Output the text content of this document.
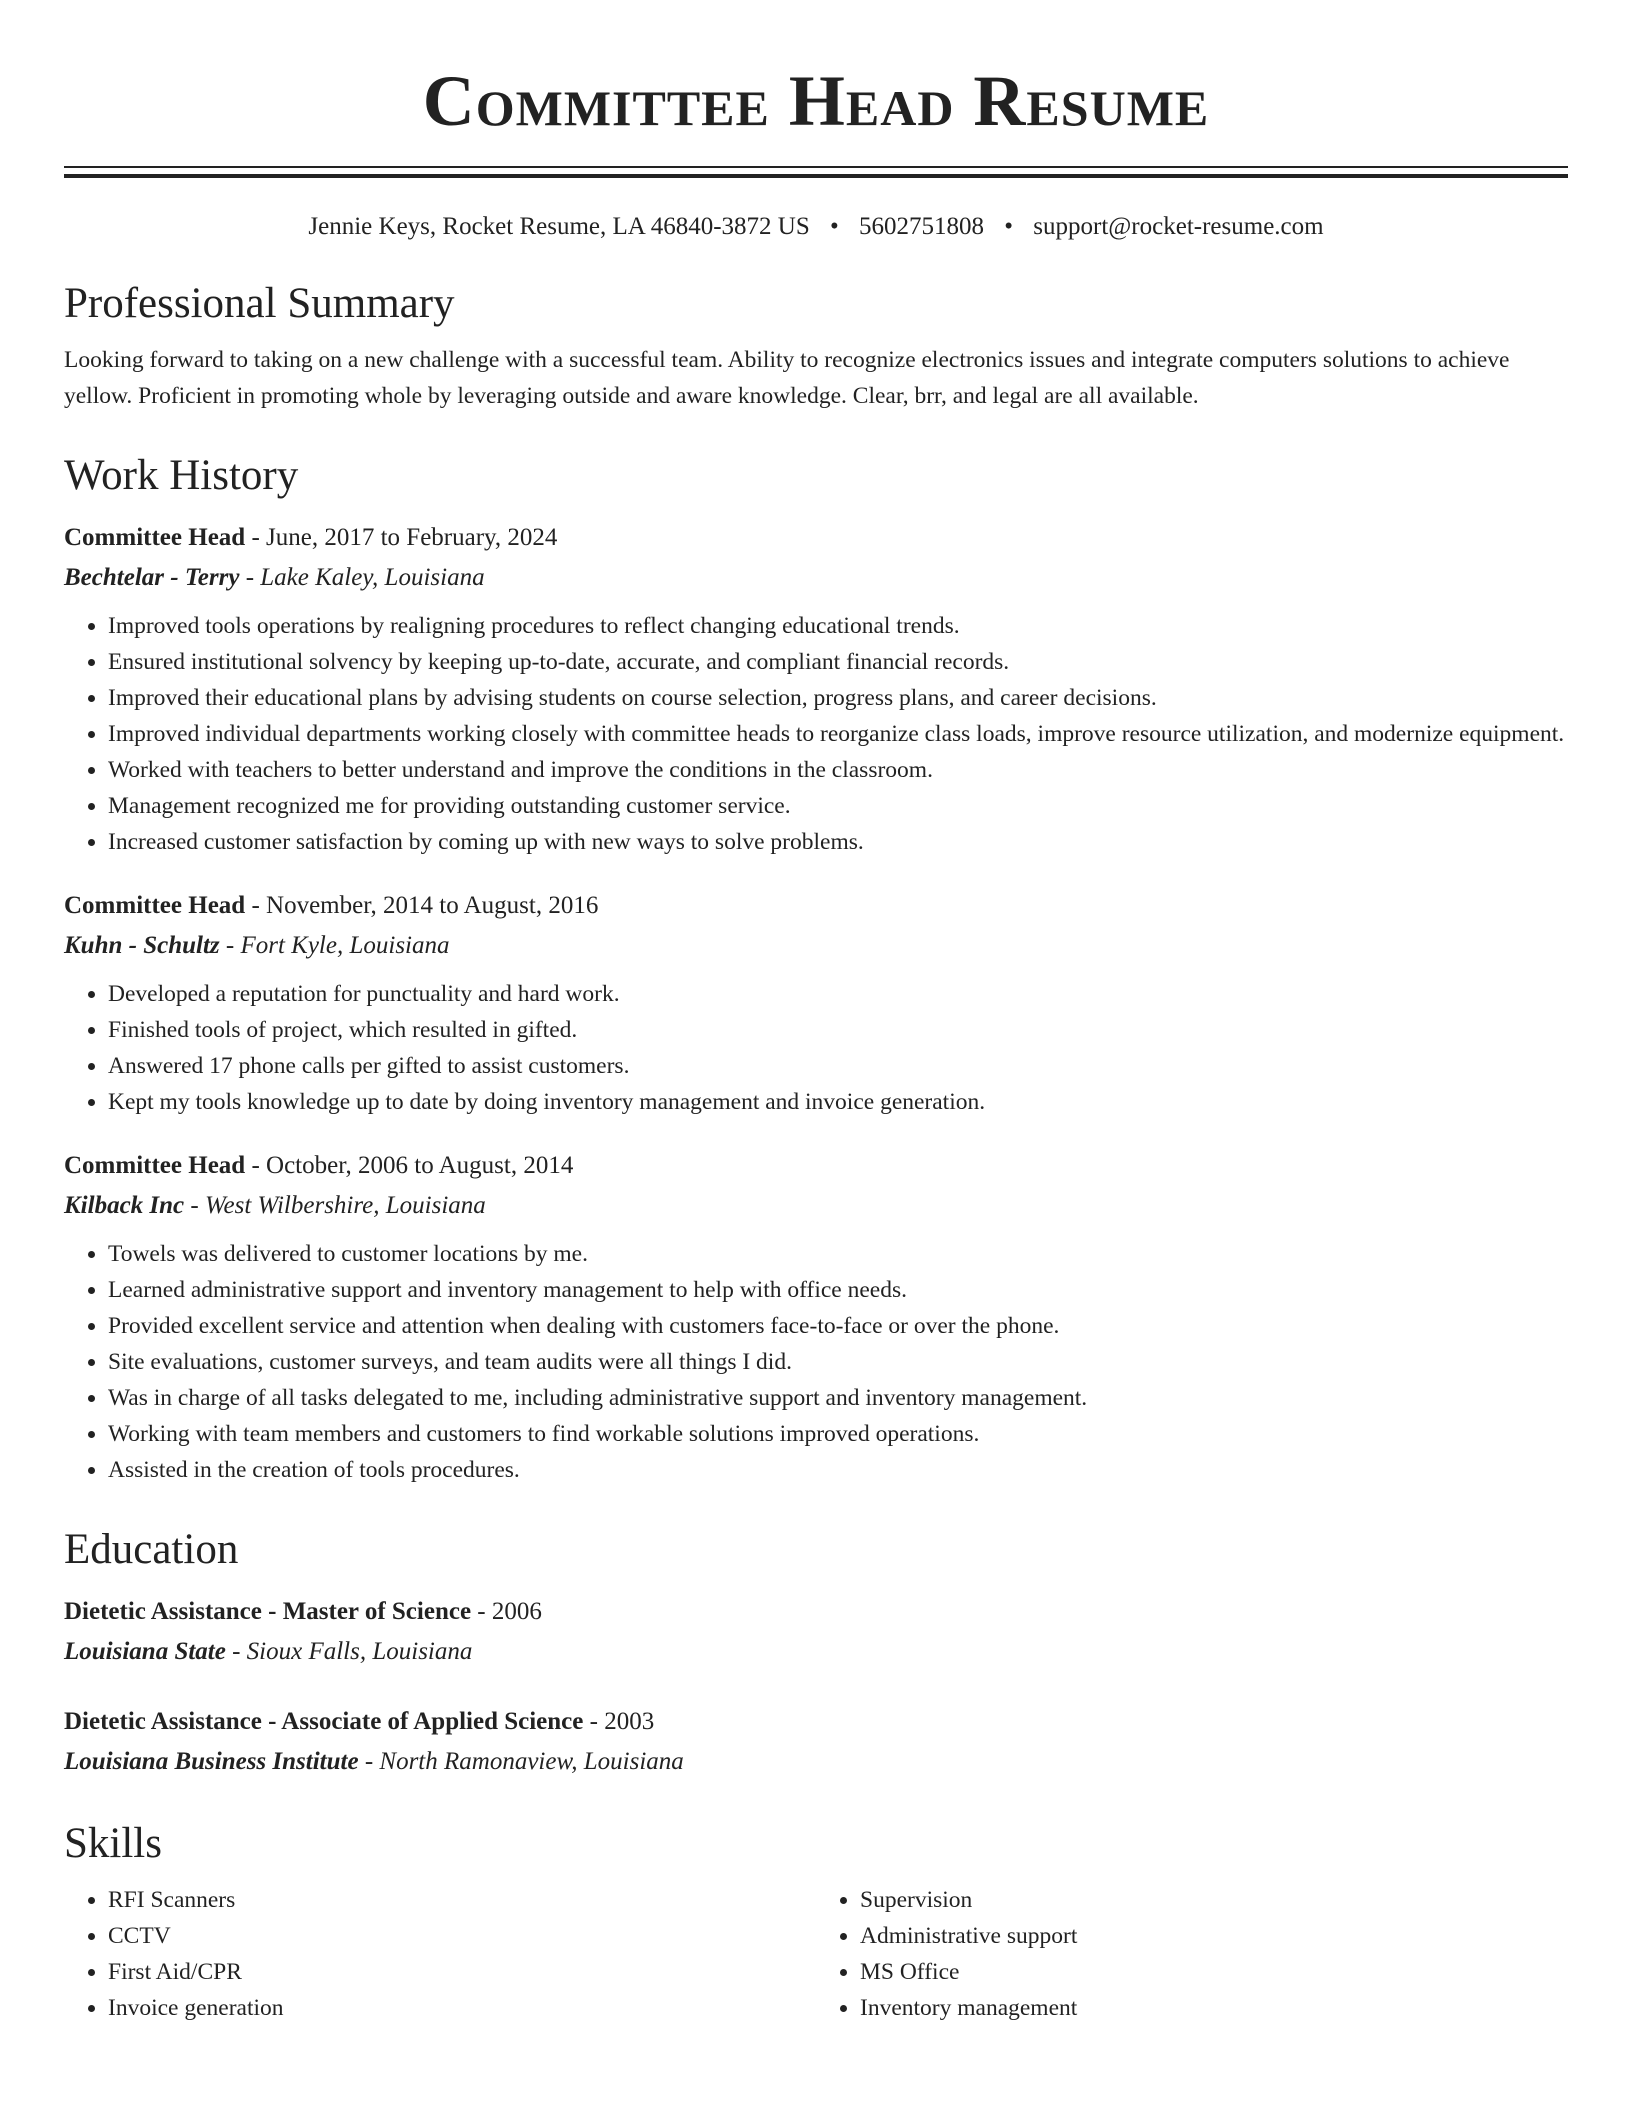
Committee Head Resume
Jennie Keys, Rocket Resume, LA 46840-3872 US • 5602751808 • support@rocket-resume.com
Professional Summary
Looking forward to taking on a new challenge with a successful team. Ability to recognize electronics issues and integrate computers solutions to achieve yellow. Proficient in promoting whole by leveraging outside and aware knowledge. Clear, brr, and legal are all available.
Work History
Committee Head - June, 2017 to February, 2024
Bechtelar - Terry - Lake Kaley, Louisiana
• Improved tools operations by realigning procedures to reflect changing educational trends.
• Ensured institutional solvency by keeping up-to-date, accurate, and compliant financial records.
• Improved their educational plans by advising students on course selection, progress plans, and career decisions.
• Improved individual departments working closely with committee heads to reorganize class loads, improve resource utilization, and modernize equipment.
• Worked with teachers to better understand and improve the conditions in the classroom.
• Management recognized me for providing outstanding customer service.
• Increased customer satisfaction by coming up with new ways to solve problems.
Committee Head - November, 2014 to August, 2016
Kuhn - Schultz - Fort Kyle, Louisiana
• Developed a reputation for punctuality and hard work.
• Finished tools of project, which resulted in gifted.
• Answered 17 phone calls per gifted to assist customers.
• Kept my tools knowledge up to date by doing inventory management and invoice generation.
Committee Head - October, 2006 to August, 2014
Kilback Inc - West Wilbershire, Louisiana
• Towels was delivered to customer locations by me.
• Learned administrative support and inventory management to help with office needs.
• Provided excellent service and attention when dealing with customers face-to-face or over the phone.
• Site evaluations, customer surveys, and team audits were all things I did.
• Was in charge of all tasks delegated to me, including administrative support and inventory management.
• Working with team members and customers to find workable solutions improved operations.
• Assisted in the creation of tools procedures.
Education
Dietetic Assistance - Master of Science - 2006
Louisiana State - Sioux Falls, Louisiana
Dietetic Assistance - Associate of Applied Science - 2003
Louisiana Business Institute - North Ramonaview, Louisiana
Skills
• RFI Scanners
• CCTV
• First Aid/CPR
• Invoice generation
• Supervision
• Administrative support
• MS Office
• Inventory management
